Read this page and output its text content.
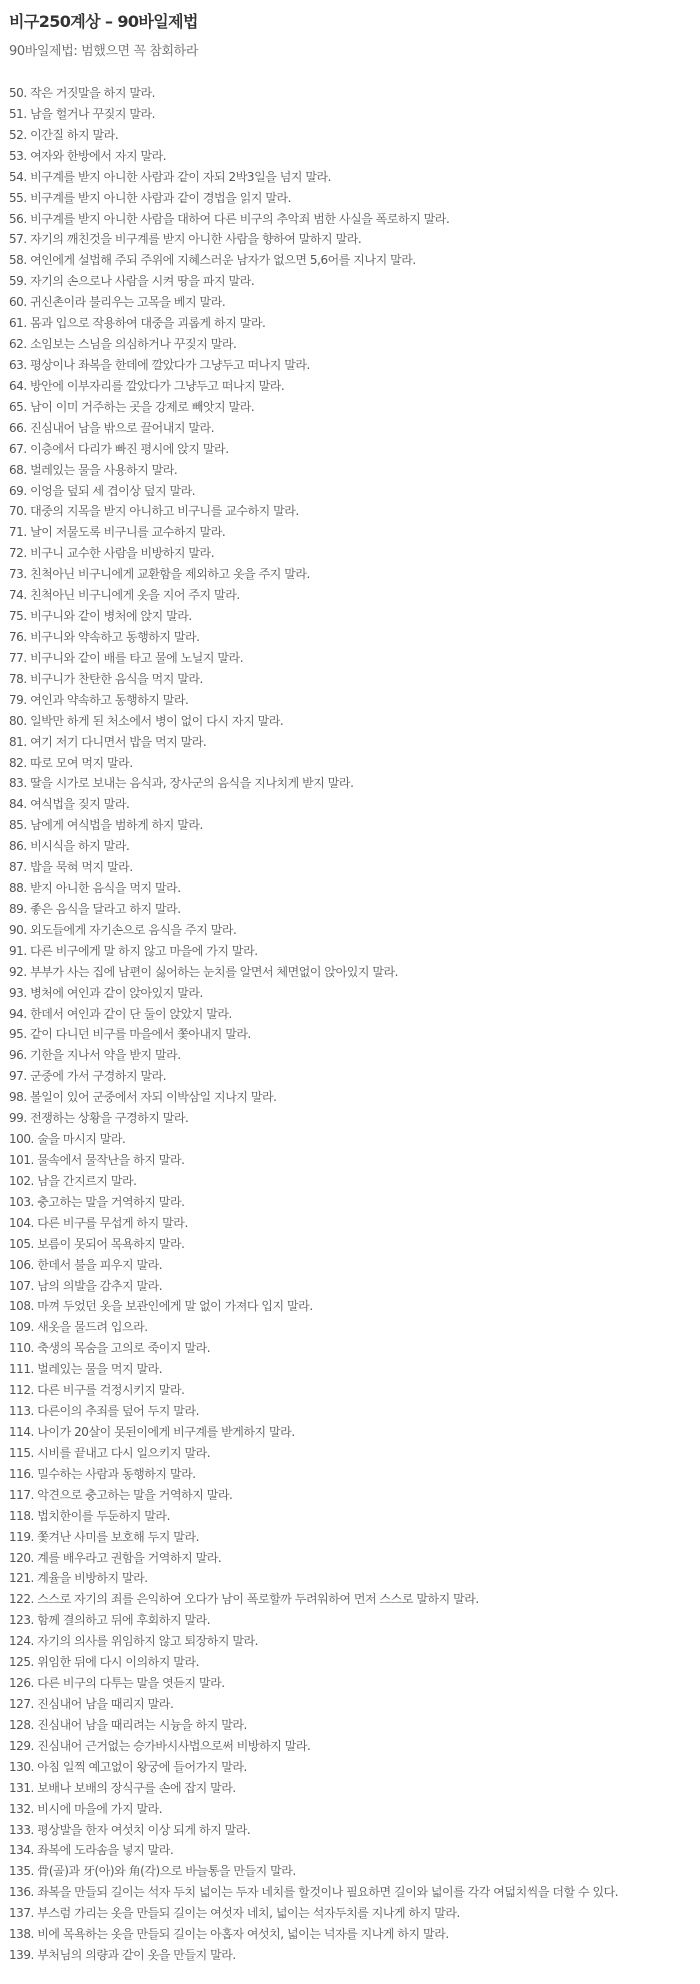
비구250계상 – 90바일제법

90바일제법: 범했으면 꼭 참회하라

50. 작은 거짓말을 하지 말라.
51. 남을 헐거나 꾸짖지 말라.
52. 이간질 하지 말라.
53. 여자와 한방에서 자지 말라.
54. 비구계를 받지 아니한 사람과 같이 자되 2박3일을 넘지 말라.
55. 비구계를 받지 아니한 사람과 같이 경법을 읽지 말라.
56. 비구계를 받지 아니한 사람을 대하여 다른 비구의 추악죄 범한 사실을 폭로하지 말라.
57. 자기의 깨친것을 비구계를 받지 아니한 사람을 향하여 말하지 말라.
58. 여인에게 설법해 주되 주위에 지혜스러운 남자가 없으면 5,6어를 지나지 말라.
59. 자기의 손으로나 사람을 시켜 땅을 파지 말라.
60. 귀신촌이라 불리우는 고목을 베지 말라.
61. 몸과 입으로 작용하여 대중을 괴롭게 하지 말라.
62. 소임보는 스님을 의심하거나 꾸짖지 말라.
63. 평상이나 좌복을 한데에 깔았다가 그냥두고 떠나지 말라.
64. 방안에 이부자리를 깔았다가 그냥두고 떠나지 말라.
65. 남이 이미 거주하는 곳을 강제로 빼앗지 말라.
66. 진심내어 남을 밖으로 끌어내지 말라.
67. 이층에서 다리가 빠진 평시에 앉지 말라.
68. 벌레있는 물을 사용하지 말라.
69. 이엉을 덮되 세 겹이상 덮지 말라.
70. 대중의 지목을 받지 아니하고 비구니를 교수하지 말라.
71. 날이 저물도록 비구니를 교수하지 말라.
72. 비구니 교수한 사람을 비방하지 말라.
73. 친척아닌 비구니에게 교환함을 제외하고 옷을 주지 말라.
74. 친척아닌 비구니에게 옷을 지어 주지 말라.
75. 비구니와 같이 병처에 앉지 말라.
76. 비구니와 약속하고 동행하지 말라.
77. 비구니와 같이 배를 타고 물에 노닐지 말라.
78. 비구니가 찬탄한 음식을 먹지 말라.
79. 여인과 약속하고 동행하지 말라.
80. 일박만 하게 된 처소에서 병이 없이 다시 자지 말라.
81. 여기 저기 다니면서 밥을 먹지 말라.
82. 따로 모여 먹지 말라.
83. 딸을 시가로 보내는 음식과, 장사군의 음식을 지나치게 받지 말라.
84. 여식법을 짖지 말라.
85. 남에게 여식법을 범하게 하지 말라.
86. 비시식을 하지 말라.
87. 밥을 묵혀 먹지 말라.
88. 받지 아니한 음식을 먹지 말라.
89. 좋은 음식을 달라고 하지 말라.
90. 외도들에게 자기손으로 음식을 주지 말라.
91. 다른 비구에게 말 하지 않고 마을에 가지 말라.
92. 부부가 사는 집에 남편이 싫어하는 눈치를 알면서 체면없이 앉아있지 말라.
93. 병처에 여인과 같이 앉아있지 말라.
94. 한데서 여인과 같이 단 둘이 앉았지 말라.
95. 같이 다니던 비구를 마을에서 쫓아내지 말라.
96. 기한을 지나서 약을 받지 말라.
97. 군중에 가서 구경하지 말라.
98. 볼일이 있어 군중에서 자되 이박삼일 지나지 말라.
99. 전쟁하는 상황을 구경하지 말라.
100. 술을 마시지 말라.
101. 물속에서 물작난을 하지 말라.
102. 남을 간지르지 말라.
103. 충고하는 말을 거역하지 말라.
104. 다른 비구를 무섭게 하지 말라.
105. 보름이 못되어 목욕하지 말라.
106. 한데서 불을 피우지 말라.
107. 남의 의발을 감추지 말라.
108. 마껴 두었던 옷을 보관인에게 말 없이 가져다 입지 말라.
109. 새옷을 물드려 입으라.
110. 축생의 목숨을 고의로 죽이지 말라.
111. 벌레있는 물을 먹지 말라.
112. 다른 비구를 걱정시키지 말라.
113. 다른이의 추죄를 덮어 두지 말라.
114. 나이가 20살이 못된이에게 비구계를 받게하지 말라.
115. 시비를 끝내고 다시 일으키지 말라.
116. 밀수하는 사람과 동행하지 말라.
117. 악견으로 충고하는 말을 거역하지 말라.
118. 법치한이를 두둔하지 말라.
119. 쫓겨난 사미를 보호해 두지 말라.
120. 계를 배우라고 권함을 거역하지 말라.
121. 계율을 비방하지 말라.
122. 스스로 자기의 죄를 은익하여 오다가 남이 폭로할까 두려워하여 먼저 스스로 말하지 말라.
123. 함께 결의하고 뒤에 후회하지 말라.
124. 자기의 의사를 위임하지 않고 퇴장하지 말라.
125. 위임한 뒤에 다시 이의하지 말라.
126. 다른 비구의 다투는 말을 엿듣지 말라.
127. 진심내어 남을 때리지 말라.
128. 진심내어 남을 때리려는 시늉을 하지 말라.
129. 진심내어 근거없는 승가바시사법으로써 비방하지 말라.
130. 아침 일찍 예고없이 왕궁에 들어가지 말라.
131. 보배나 보배의 장식구를 손에 잡지 말라.
132. 비시에 마을에 가지 말라.
133. 평상발을 한자 여섯치 이상 되게 하지 말라.
134. 좌복에 도라솜을 넣지 말라.
135. 骨(골)과 牙(아)와 角(각)으로 바늘통을 만들지 말라.
136. 좌복을 만들되 길이는 석자 두치 넓이는 두자 네치를 할것이나 필요하면 길이와 넓이를 각각 여덟치씩을 더할 수 있다.
137. 부스럼 가리는 옷을 만들되 길이는 여섯자 네치, 넓이는 석자두치를 지나게 하지 말라.
138. 비에 목욕하는 옷을 만들되 길이는 아홉자 여섯치, 넓이는 넉자를 지나게 하지 말라.
139. 부처님의 의량과 같이 옷을 만들지 말라.
